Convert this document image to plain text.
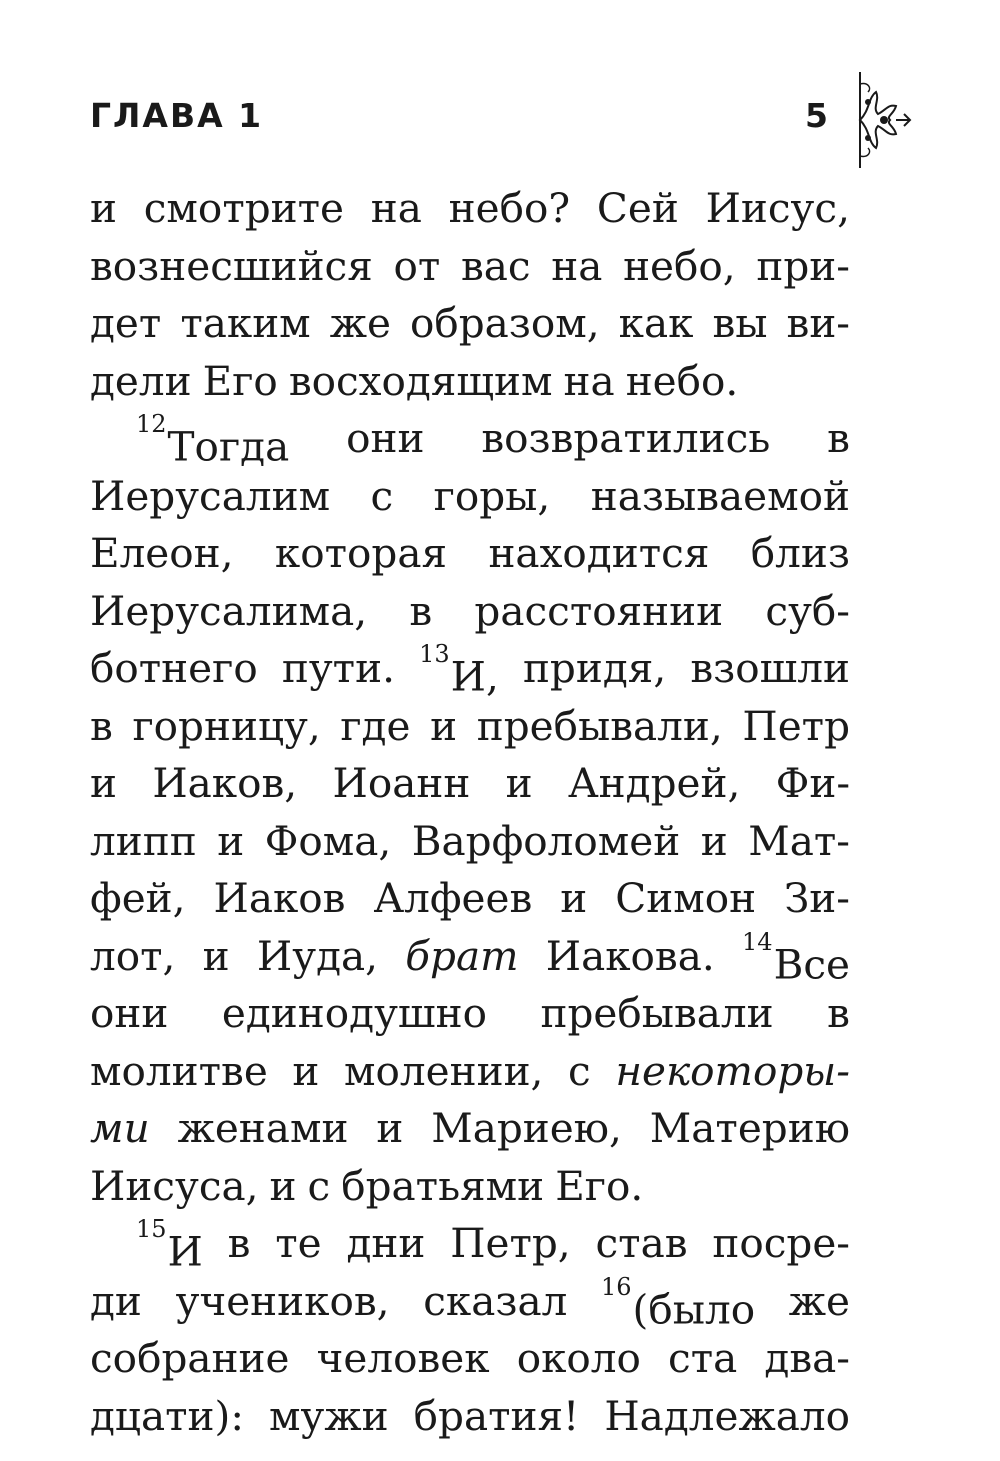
ГЛАВА 1	5
и смотрите на небо? Сей Иисус,
вознесшийся от вас на небо, при-
дет таким же образом, как вы ви-
дели Его восходящим на небо.
$^{12}$Тогда они возвратились в
Иерусалим с горы, называемой
Елеон, которая находится близ
Иерусалима, в расстоянии суб-
ботнего пути. $^{13}$И, придя, взошли
в горницу, где и пребывали, Петр
и Иаков, Иоанн и Андрей, Фи-
липп и Фома, Варфоломей и Мат-
фей, Иаков Алфеев и Симон Зи-
лот, и Иуда, брат Иакова. $^{14}$Все
они единодушно пребывали в
молитве и молении, с некоторы-
ми женами и Мариею, Материю
Иисуса, и с братьями Его.
$^{15}$И в те дни Петр, став посре-
ди учеников, сказал $^{16}$(было же
собрание человек около ста два-
дцати): мужи братия! Надлежало
